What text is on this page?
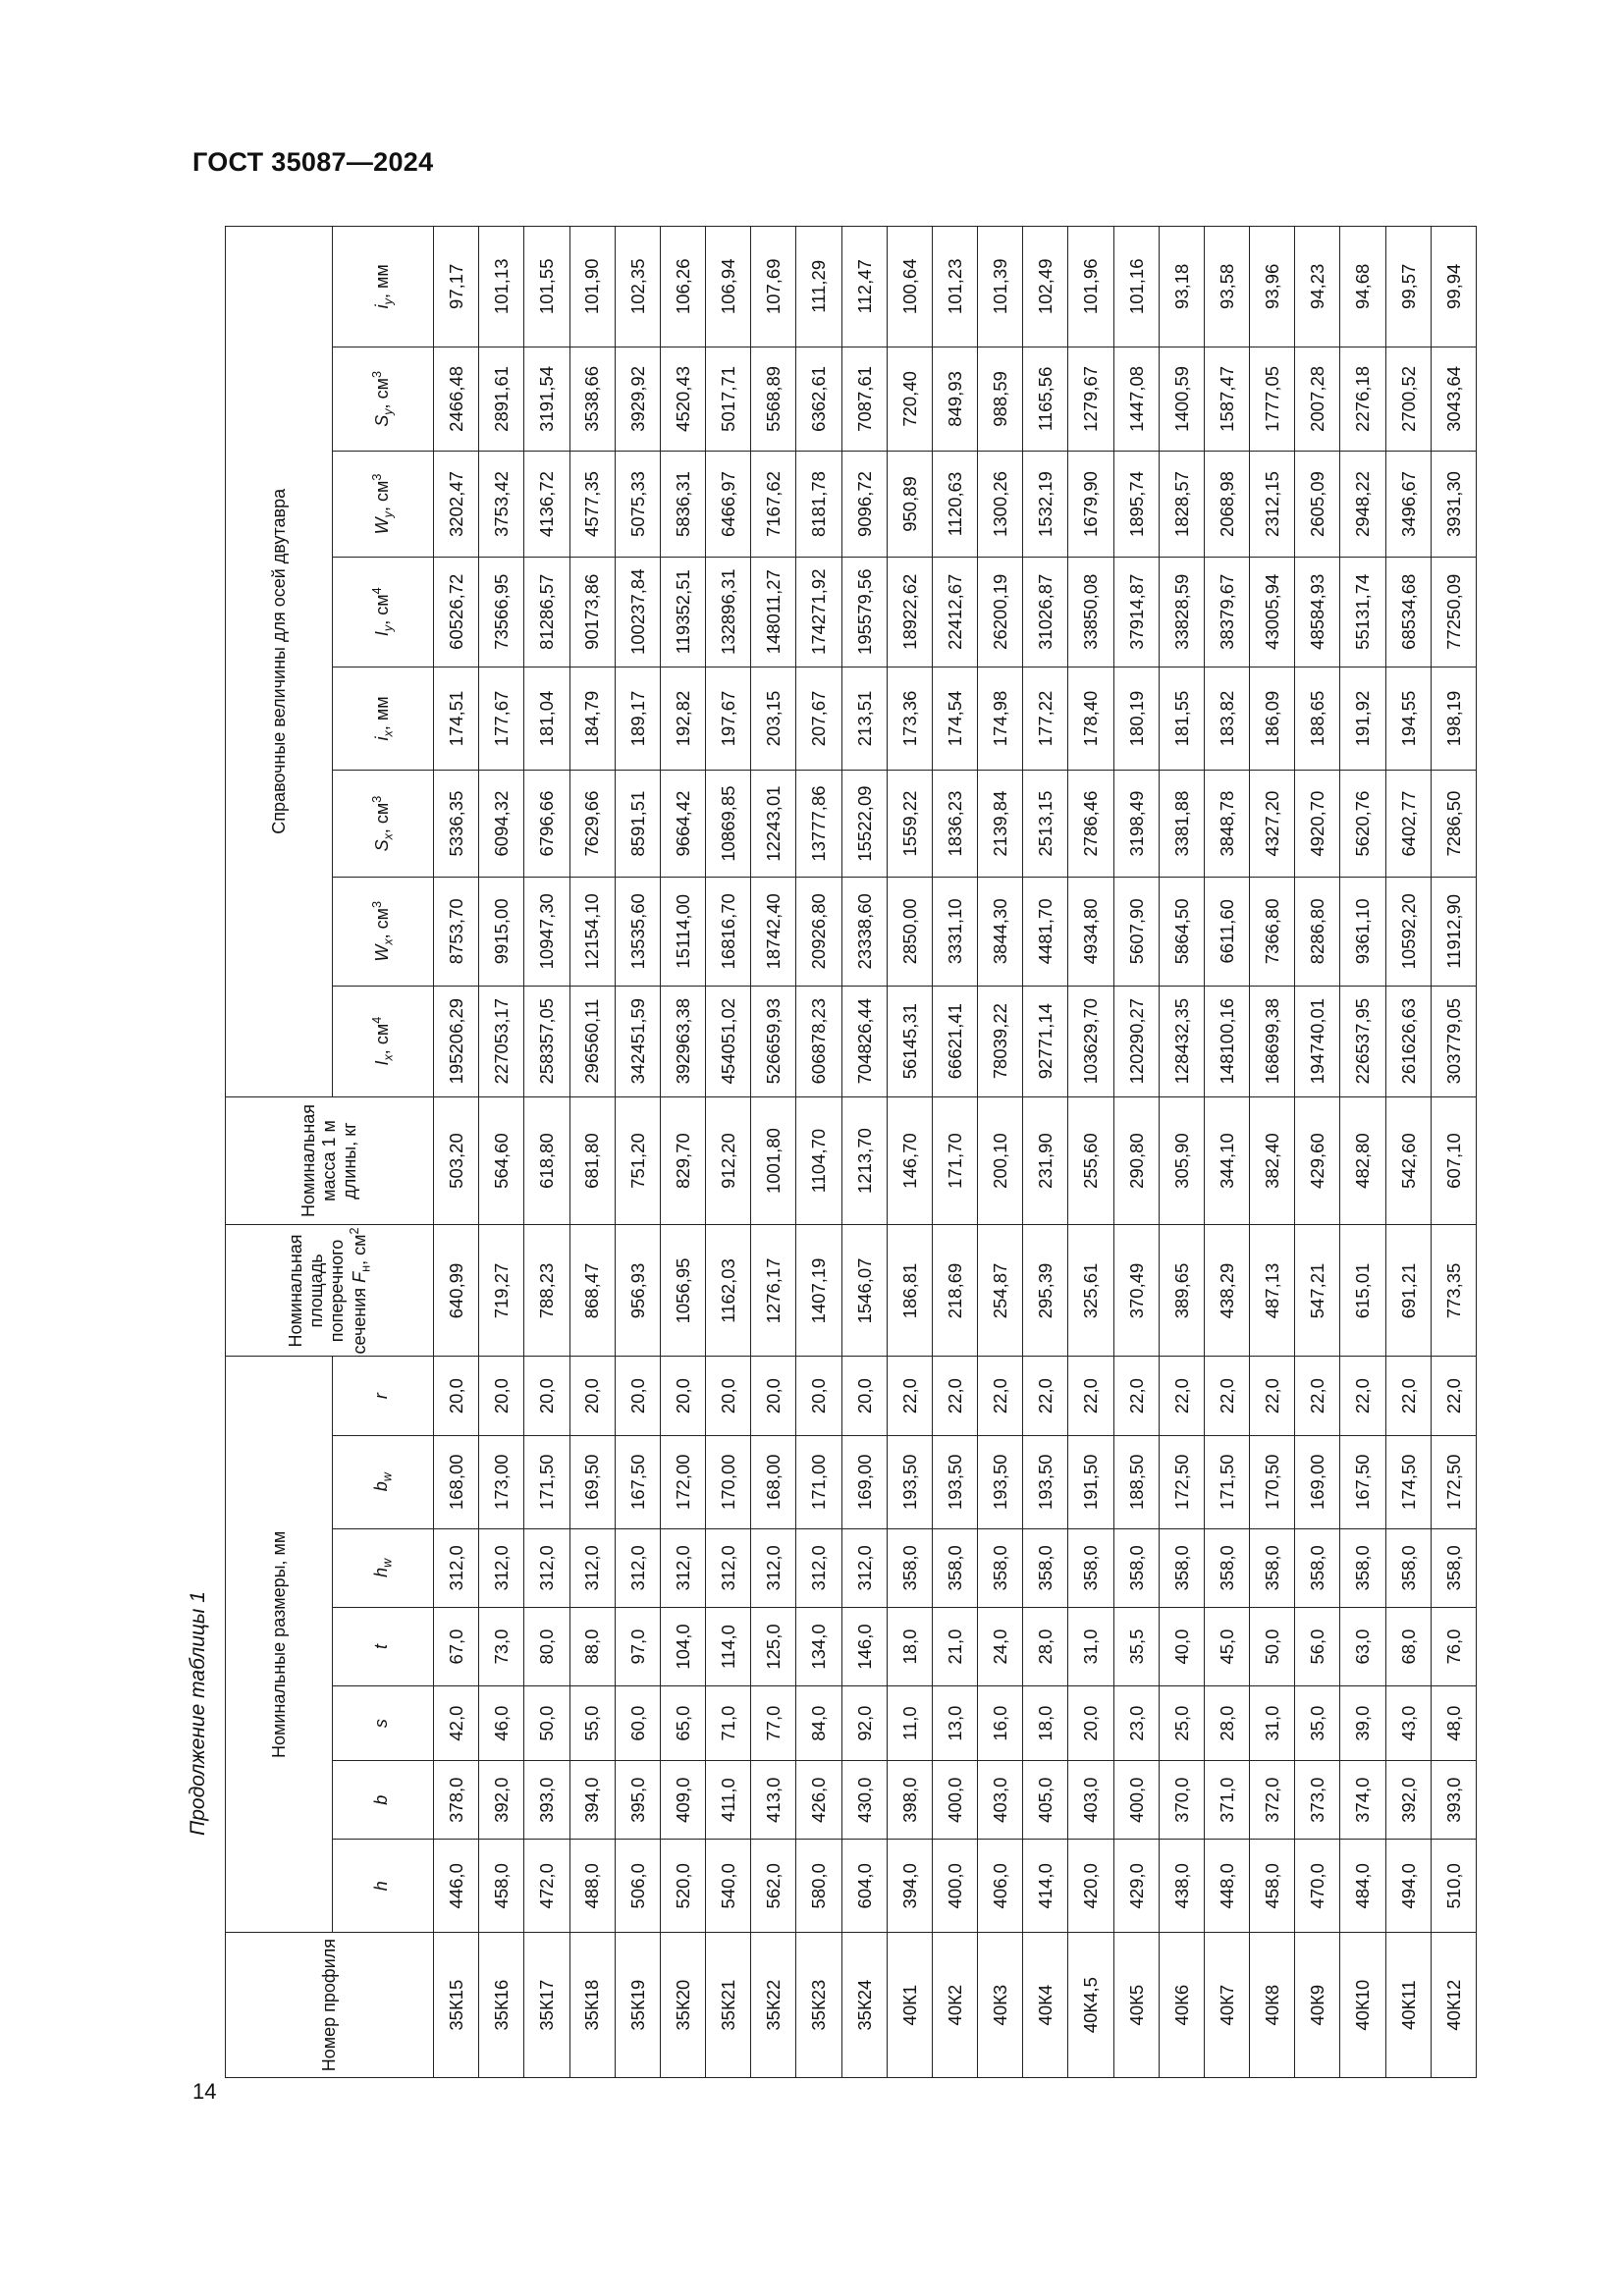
ГОСТ 35087—2024
Продолжение таблицы 1
14
Номер профиля	Номинальные размеры, мм							Номинальная площадь поперечного сечения $F_н$, $см^2$	Номинальная масса 1 м длины, кг	Справочные величины для осей двутавра							
	h	b	s	t	$h_w$	$b_w$	r			$I_x$, $см^4$	$W_x$, $см^3$	$S_x$, $см^3$	$i_x$, мм	$I_y$, $см^4$	$W_y$, $см^3$	$S_y$, $см^3$	$i_y$, мм
35К15	446,0	378,0	42,0	67,0	312,0	168,00	20,0	640,99	503,20	195206,29	8753,70	5336,35	174,51	60526,72	3202,47	2466,48	97,17
35К16	458,0	392,0	46,0	73,0	312,0	173,00	20,0	719,27	564,60	227053,17	9915,00	6094,32	177,67	73566,95	3753,42	2891,61	101,13
35К17	472,0	393,0	50,0	80,0	312,0	171,50	20,0	788,23	618,80	258357,05	10947,30	6796,66	181,04	81286,57	4136,72	3191,54	101,55
35К18	488,0	394,0	55,0	88,0	312,0	169,50	20,0	868,47	681,80	296560,11	12154,10	7629,66	184,79	90173,86	4577,35	3538,66	101,90
35К19	506,0	395,0	60,0	97,0	312,0	167,50	20,0	956,93	751,20	342451,59	13535,60	8591,51	189,17	100237,84	5075,33	3929,92	102,35
35К20	520,0	409,0	65,0	104,0	312,0	172,00	20,0	1056,95	829,70	392963,38	15114,00	9664,42	192,82	119352,51	5836,31	4520,43	106,26
35К21	540,0	411,0	71,0	114,0	312,0	170,00	20,0	1162,03	912,20	454051,02	16816,70	10869,85	197,67	132896,31	6466,97	5017,71	106,94
35К22	562,0	413,0	77,0	125,0	312,0	168,00	20,0	1276,17	1001,80	526659,93	18742,40	12243,01	203,15	148011,27	7167,62	5568,89	107,69
35К23	580,0	426,0	84,0	134,0	312,0	171,00	20,0	1407,19	1104,70	606878,23	20926,80	13777,86	207,67	174271,92	8181,78	6362,61	111,29
35К24	604,0	430,0	92,0	146,0	312,0	169,00	20,0	1546,07	1213,70	704826,44	23338,60	15522,09	213,51	195579,56	9096,72	7087,61	112,47
40К1	394,0	398,0	11,0	18,0	358,0	193,50	22,0	186,81	146,70	56145,31	2850,00	1559,22	173,36	18922,62	950,89	720,40	100,64
40К2	400,0	400,0	13,0	21,0	358,0	193,50	22,0	218,69	171,70	66621,41	3331,10	1836,23	174,54	22412,67	1120,63	849,93	101,23
40К3	406,0	403,0	16,0	24,0	358,0	193,50	22,0	254,87	200,10	78039,22	3844,30	2139,84	174,98	26200,19	1300,26	988,59	101,39
40К4	414,0	405,0	18,0	28,0	358,0	193,50	22,0	295,39	231,90	92771,14	4481,70	2513,15	177,22	31026,87	1532,19	1165,56	102,49
40К4,5	420,0	403,0	20,0	31,0	358,0	191,50	22,0	325,61	255,60	103629,70	4934,80	2786,46	178,40	33850,08	1679,90	1279,67	101,96
40К5	429,0	400,0	23,0	35,5	358,0	188,50	22,0	370,49	290,80	120290,27	5607,90	3198,49	180,19	37914,87	1895,74	1447,08	101,16
40К6	438,0	370,0	25,0	40,0	358,0	172,50	22,0	389,65	305,90	128432,35	5864,50	3381,88	181,55	33828,59	1828,57	1400,59	93,18
40К7	448,0	371,0	28,0	45,0	358,0	171,50	22,0	438,29	344,10	148100,16	6611,60	3848,78	183,82	38379,67	2068,98	1587,47	93,58
40К8	458,0	372,0	31,0	50,0	358,0	170,50	22,0	487,13	382,40	168699,38	7366,80	4327,20	186,09	43005,94	2312,15	1777,05	93,96
40К9	470,0	373,0	35,0	56,0	358,0	169,00	22,0	547,21	429,60	194740,01	8286,80	4920,70	188,65	48584,93	2605,09	2007,28	94,23
40К10	484,0	374,0	39,0	63,0	358,0	167,50	22,0	615,01	482,80	226537,95	9361,10	5620,76	191,92	55131,74	2948,22	2276,18	94,68
40К11	494,0	392,0	43,0	68,0	358,0	174,50	22,0	691,21	542,60	261626,63	10592,20	6402,77	194,55	68534,68	3496,67	2700,52	99,57
40К12	510,0	393,0	48,0	76,0	358,0	172,50	22,0	773,35	607,10	303779,05	11912,90	7286,50	198,19	77250,09	3931,30	3043,64	99,94
